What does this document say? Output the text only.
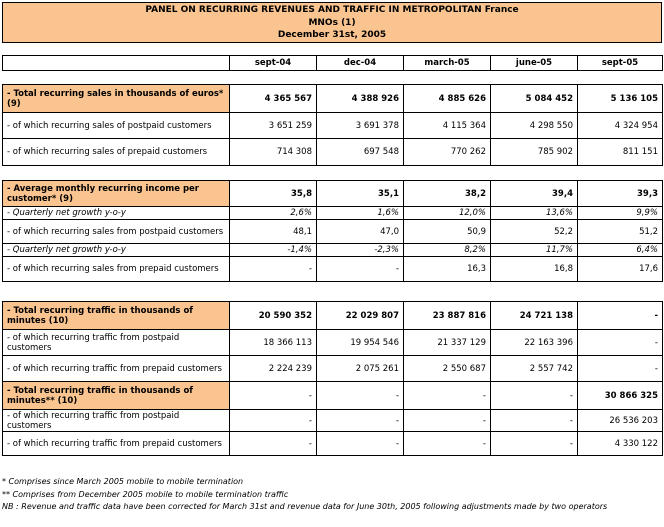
PANEL ON RECURRING REVENUES AND TRAFFIC IN METROPOLITAN France
MNOs (1)
December 31st, 2005
	sept-04	dec-04	march-05	june-05	sept-05
- Total recurring sales in thousands of euros* (9)	4 365 567	4 388 926	4 885 626	5 084 452	5 136 105
- of which recurring sales of postpaid customers	3 651 259	3 691 378	4 115 364	4 298 550	4 324 954
- of which recurring sales of prepaid customers	714 308	697 548	770 262	785 902	811 151
- Average monthly recurring income per customer* (9)	35,8	35,1	38,2	39,4	39,3
- Quarterly net growth y-o-y	2,6%	1,6%	12,0%	13,6%	9,9%
- of which recurring sales from postpaid customers	48,1	47,0	50,9	52,2	51,2
- Quarterly net growth y-o-y	-1,4%	-2,3%	8,2%	11,7%	6,4%
- of which recurring sales from prepaid customers	-	-	16,3	16,8	17,6
- Total recurring traffic in thousands of minutes (10)	20 590 352	22 029 807	23 887 816	24 721 138	-
- of which recurring traffic from postpaid customers	18 366 113	19 954 546	21 337 129	22 163 396	-
- of which recurring traffic from prepaid customers	2 224 239	2 075 261	2 550 687	2 557 742	-
- Total recurring traffic in thousands of minutes** (10)	-	-	-	-	30 866 325
- of which recurring traffic from postpaid customers	-	-	-	-	26 536 203
- of which recurring traffic from prepaid customers	-	-	-	-	4 330 122
* Comprises since March 2005 mobile to mobile termination
** Comprises from December 2005 mobile to mobile termination traffic
NB : Revenue and traffic data have been corrected for March 31st and revenue data for June 30th, 2005 following adjustments made by two operators
